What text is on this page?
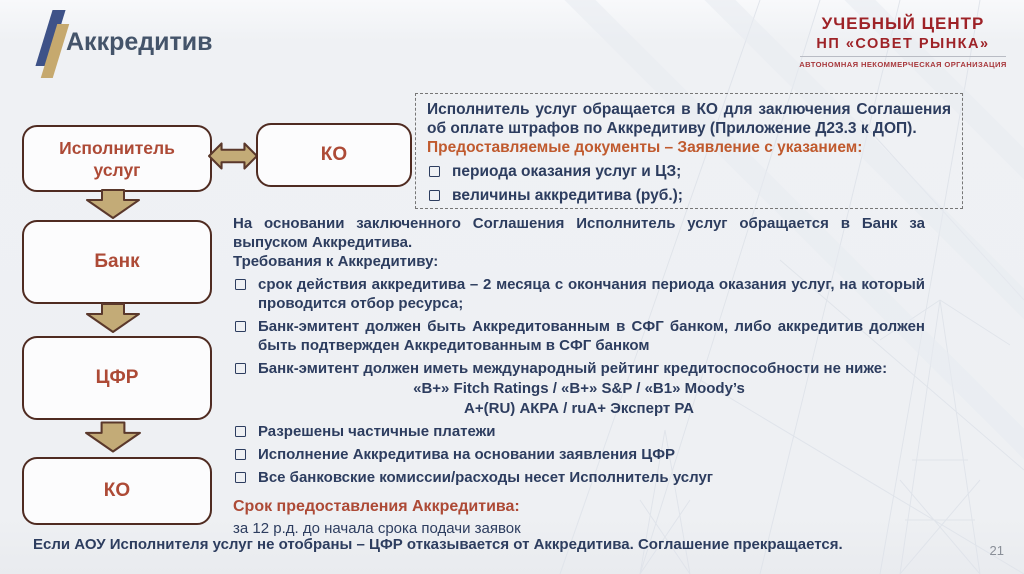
Аккредитив
УЧЕБНЫЙ ЦЕНТР
НП «СОВЕТ РЫНКА»
АВТОНОМНАЯ НЕКОММЕРЧЕСКАЯ ОРГАНИЗАЦИЯ
Исполнитель услуг
КО
Банк
ЦФР
КО
Исполнитель услуг обращается в КО для заключения Соглашения об оплате штрафов по Аккредитиву (Приложение Д23.3 к ДОП).
Предоставляемые документы – Заявление с указанием:
периода оказания услуг и ЦЗ;
величины аккредитива (руб.);
На основании заключенного Соглашения Исполнитель услуг обращается в Банк за выпуском Аккредитива.
Требования к Аккредитиву:
срок действия аккредитива – 2 месяца с окончания периода оказания услуг, на который проводится отбор ресурса;
Банк-эмитент должен быть Аккредитованным в СФГ банком, либо аккредитив должен быть подтвержден Аккредитованным в СФГ банком
Банк-эмитент должен иметь международный рейтинг кредитоспособности не ниже:
«В+» Fitch Ratings / «В+» S&P / «В1» Moody’s
A+(RU) АКРА / ruA+ Эксперт РА
Разрешены частичные платежи
Исполнение Аккредитива на основании заявления ЦФР
Все банковские комиссии/расходы несет Исполнитель услуг
Срок предоставления Аккредитива:
за 12 р.д. до начала срока подачи заявок
Если АОУ Исполнителя услуг не отобраны – ЦФР отказывается от Аккредитива. Соглашение прекращается.	21
